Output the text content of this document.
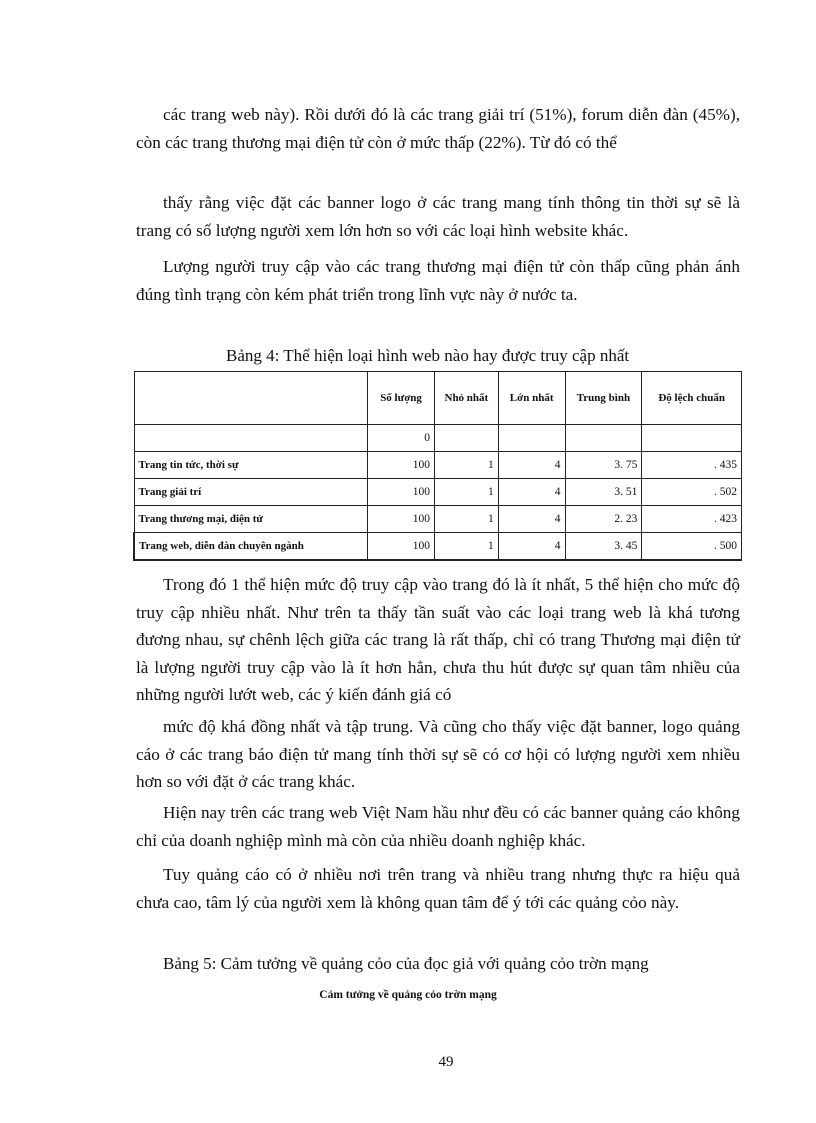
các trang web này). Rồi dưới đó là các trang giải trí (51%), forum diễn đàn (45%), còn các trang thương mại điện tử còn ở mức thấp (22%). Từ đó có thể

thấy rằng việc đặt các banner logo ở các trang mang tính thông tin thời sự sẽ là trang có số lượng người xem lớn hơn so với các loại hình website khác.

Lượng người truy cập vào các trang thương mại điện tử còn thấp cũng phản ánh đúng tình trạng còn kém phát triển trong lĩnh vực này ở nước ta.

Bảng 4: Thể hiện loại hình web nào hay được truy cập nhất

	Số lượng	Nhỏ nhất	Lớn nhất	Trung bình	Độ lệch chuẩn
	0				
Trang tin tức, thời sự	100	1	4	3. 75	. 435
Trang giải trí	100	1	4	3. 51	. 502
Trang thương mại, điện tử	100	1	4	2. 23	. 423
Trang web, diễn đàn chuyên ngành	100	1	4	3. 45	. 500

Trong đó 1 thể hiện mức độ truy cập vào trang đó là ít nhất, 5 thể hiện cho mức độ truy cập nhiều nhất. Như trên ta thấy tần suất vào các loại trang web là khá tương đương nhau, sự chênh lệch giữa các trang là rất thấp, chỉ có trang Thương mại điện tử là lượng người truy cập vào là ít hơn hẳn, chưa thu hút được sự quan tâm nhiều của những người lướt web, các ý kiến đánh giá có

mức độ khá đồng nhất và tập trung. Và cũng cho thấy việc đặt banner, logo quảng cáo ở các trang báo điện tử mang tính thời sự sẽ có cơ hội có lượng người xem nhiều hơn so với đặt ở các trang khác.

Hiện nay trên các trang web Việt Nam hầu như đều có các banner quảng cáo không chỉ của doanh nghiệp mình mà còn của nhiều doanh nghiệp khác.

Tuy quảng cáo có ở nhiều nơi trên trang và nhiều trang nhưng thực ra hiệu quả chưa cao, tâm lý của người xem là không quan tâm để ý tới các quảng cỏo này.

Bảng 5: Cảm tưởng về quảng cỏo của đọc giả với quảng cỏo trờn mạng

Cảm tưởng về quảng cỏo trờn mạng

49
